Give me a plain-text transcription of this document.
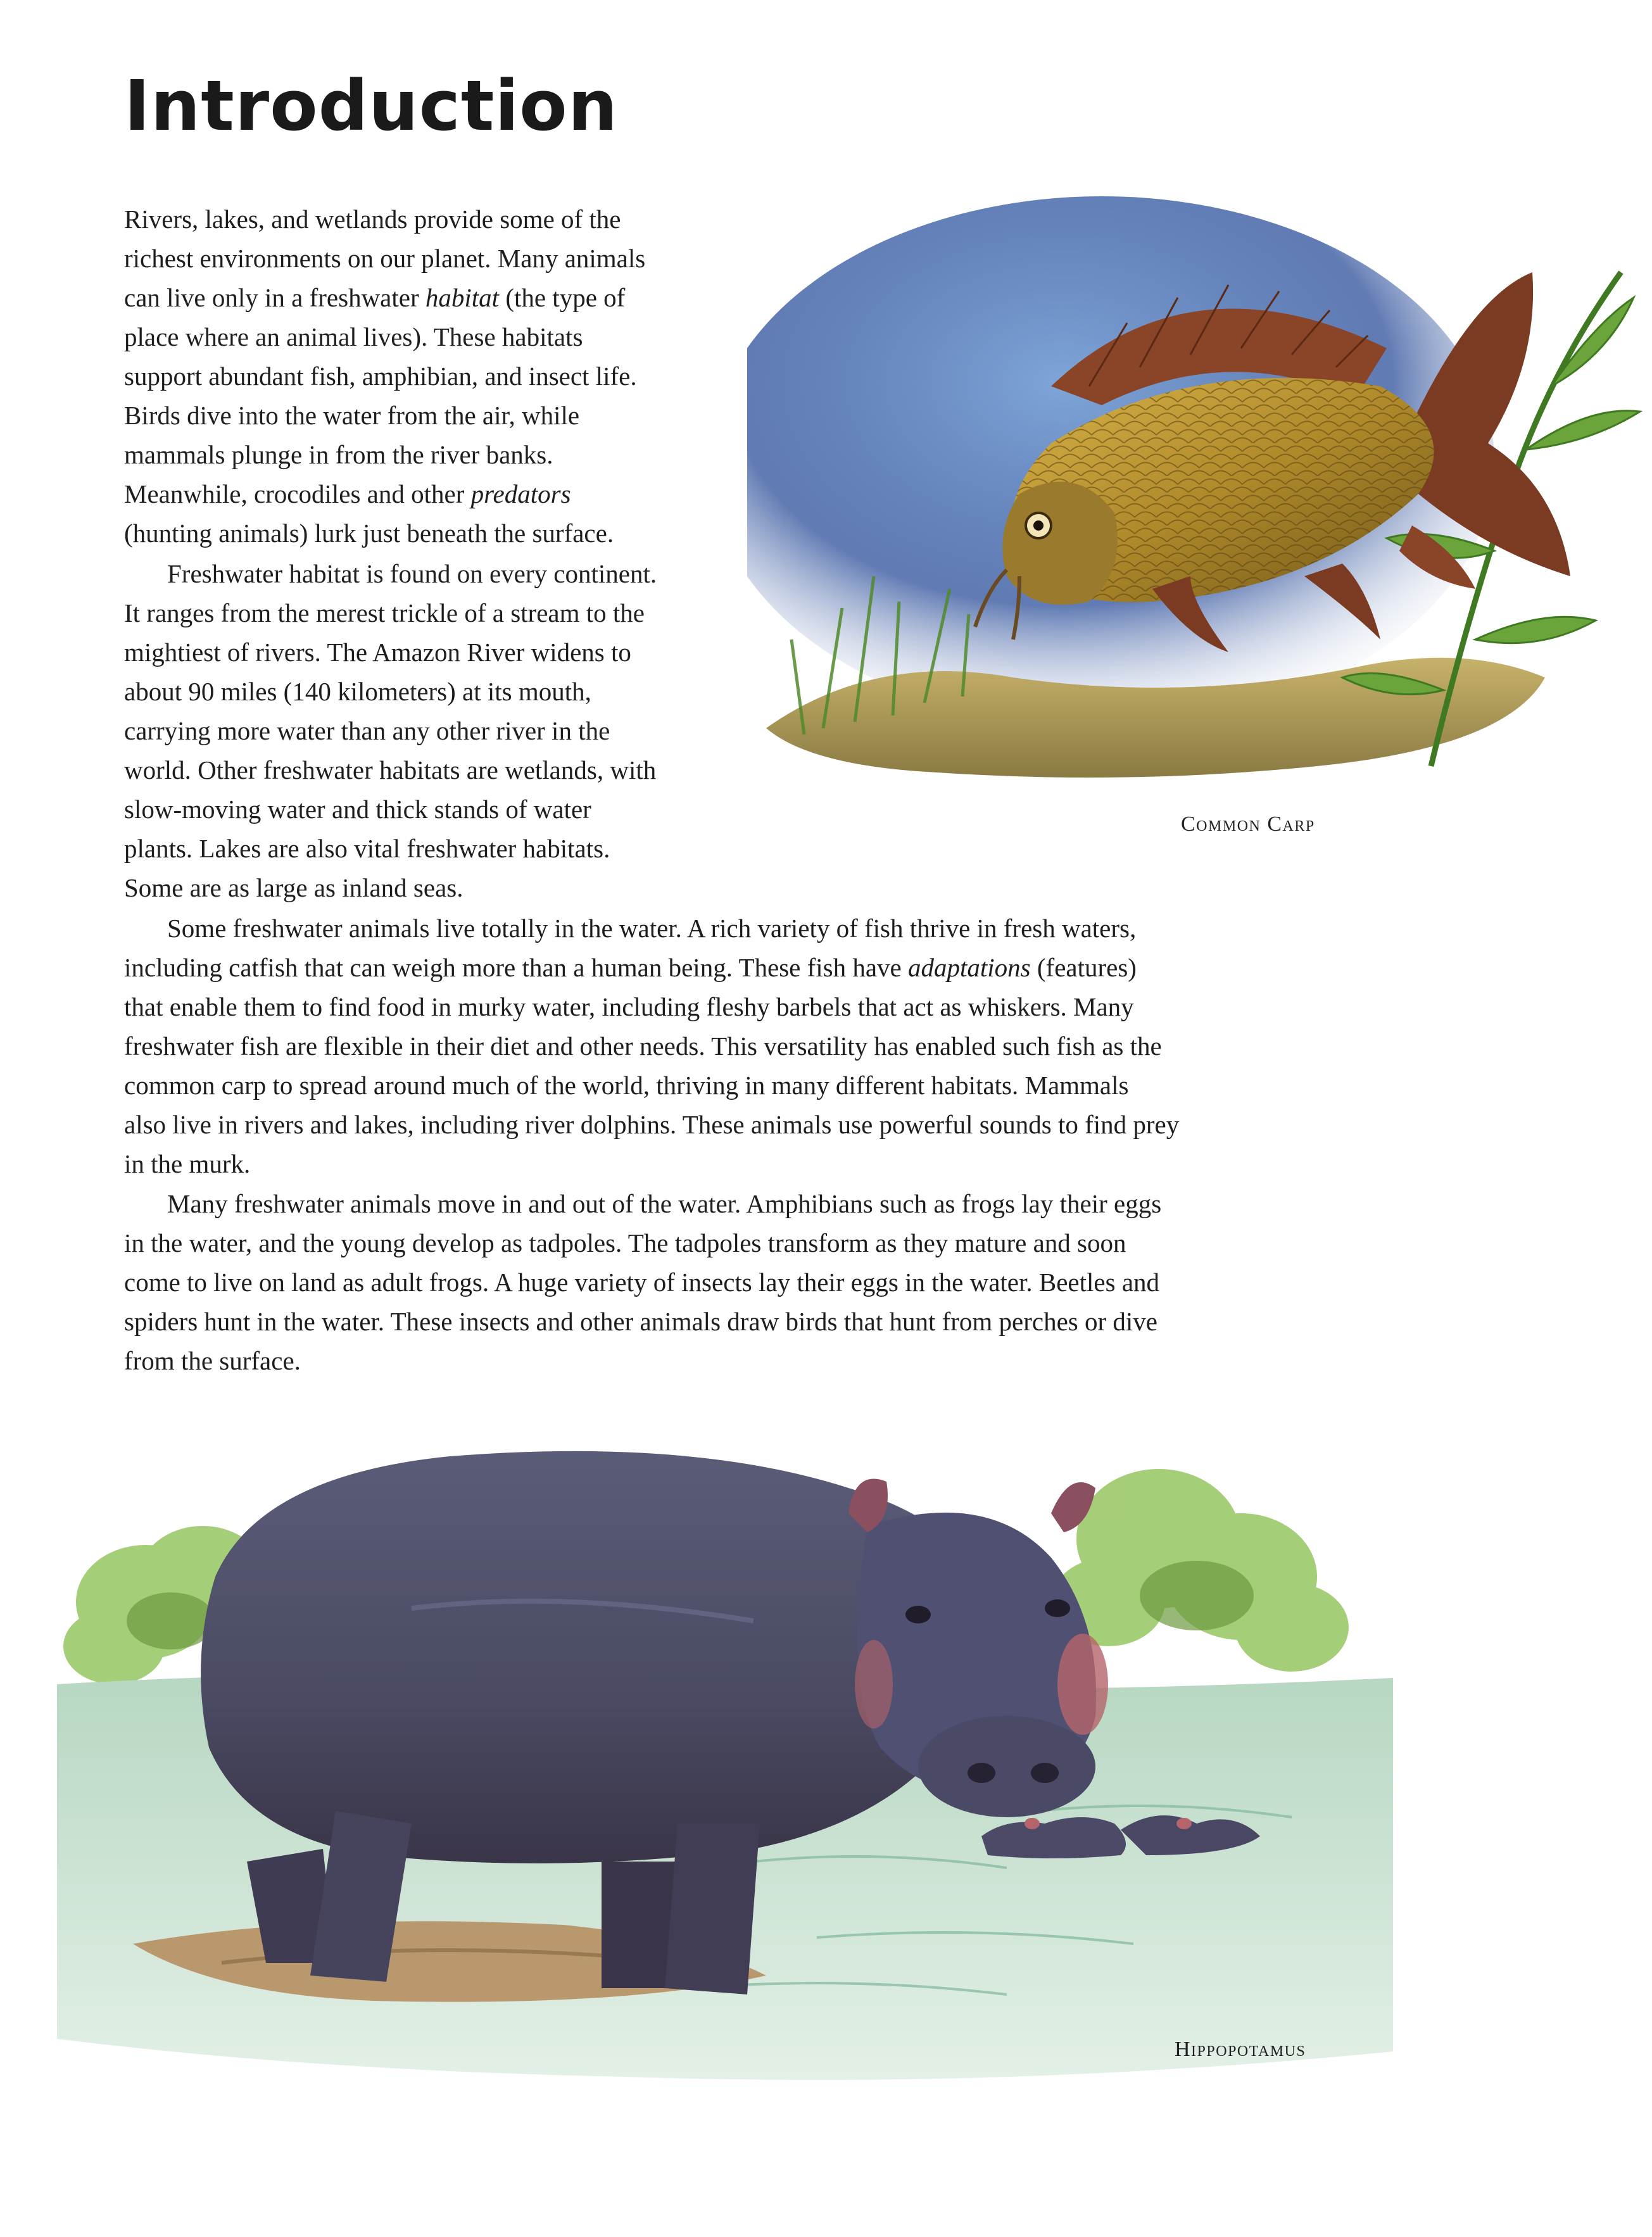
Introduction
Rivers, lakes, and wetlands provide some of the
richest environments on our planet. Many animals
can live only in a freshwater habitat (the type of
place where an animal lives). These habitats
support abundant fish, amphibian, and insect life.
Birds dive into the water from the air, while
mammals plunge in from the river banks.
Meanwhile, crocodiles and other predators
(hunting animals) lurk just beneath the surface.
Freshwater habitat is found on every continent.
It ranges from the merest trickle of a stream to the
mightiest of rivers. The Amazon River widens to
about 90 miles (140 kilometers) at its mouth,
carrying more water than any other river in the
world. Other freshwater habitats are wetlands, with
slow-moving water and thick stands of water
plants. Lakes are also vital freshwater habitats.
Some are as large as inland seas.
Some freshwater animals live totally in the water. A rich variety of fish thrive in fresh waters,
including catfish that can weigh more than a human being. These fish have adaptations (features)
that enable them to find food in murky water, including fleshy barbels that act as whiskers. Many
freshwater fish are flexible in their diet and other needs. This versatility has enabled such fish as the
common carp to spread around much of the world, thriving in many different habitats. Mammals
also live in rivers and lakes, including river dolphins. These animals use powerful sounds to find prey
in the murk.
Many freshwater animals move in and out of the water. Amphibians such as frogs lay their eggs
in the water, and the young develop as tadpoles. The tadpoles transform as they mature and soon
come to live on land as adult frogs. A huge variety of insects lay their eggs in the water. Beetles and
spiders hunt in the water. These insects and other animals draw birds that hunt from perches or dive
from the surface.

Common Carp

Hippopotamus
